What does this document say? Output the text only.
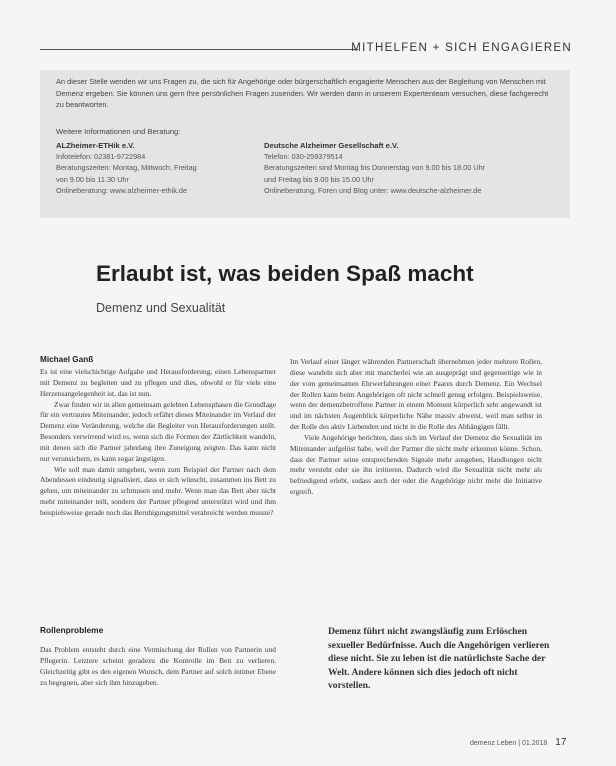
MITHELFEN + SICH ENGAGIEREN
An dieser Stelle wenden wir uns Fragen zu, die sich für Angehörige oder bürgerschaftlich engagierte Menschen aus der Begleitung von Menschen mit Demenz ergeben. Sie können uns gern Ihre persönlichen Fragen zusenden. Wir werden dann in unserem Expertenteam versuchen, diese fachgerecht zu beantworten.
Weitere Informationen und Beratung:
ALZheimer-ETHik e.V.
Infotelefon: 02381-9722984
Beratungszeiten: Montag, Mittwoch, Freitag
von 9.00 bis 11.30 Uhr
Onlineberatung: www.alzheimer-ethik.de
Deutsche Alzheimer Gesellschaft e.V.
Telefon: 030-259379514
Beratungszeiten sind Montag bis Donnerstag von 9.00 bis 18.00 Uhr
und Freitag bis 9.00 bis 15.00 Uhr
Onlineberatung, Foren und Blog unter: www.deutsche-alzheimer.de
Erlaubt ist, was beiden Spaß macht
Demenz und Sexualität
Michael Ganß

Es ist eine vielschichtige Aufgabe und Herausforderung, einen Lebenspartner mit Demenz zu begleiten und zu pflegen und dies, obwohl er für viele eine Herzensangelegenheit ist, das ist nun.

Zwar finden wir in allen gemeinsam gelebten Lebensphasen die Grundlage für ein vertrautes Miteinander, jedoch erfährt dieses Miteinander im Verlauf der Demenz eine Veränderung, welche die Begleiter von Herausforderungen stellt. Besonders verwirrend wird es, wenn sich die Formen der Zärtlichkeit wandeln, mit denen sich die Partner jahrelang ihre Zuneigung zeigten. Das kann nicht nur verunsichern, es kann sogar ängstigen.

Wie soll man damit umgehen, wenn zum Beispiel der Partner nach dem Abendessen eindeutig signalisiert, dass er sich wünscht, zusammen ins Bett zu gehen, um miteinander zu schmusen und mehr. Wenn man das Bett aber nicht mehr miteinander teilt, sondern der Partner pflegend unterstützt wird und ihm beispielsweise gerade noch das Beruhigungsmittel verabreicht werden musste?

Im Verlauf einer länger währenden Partnerschaft übernehmen jeder mehrere Rollen, diese wandeln sich aber mit mancherlei wie an ausgeprägt und gegenseitige wie in der vom gemeinsamen Ehrwerfahrungen einer Paares durch Demenz. Ein Wechsel der Rollen kann beim Angehörigen oft nicht schnell genug erfolgen. Beispielsweise, wenn der demenzbetroffene Partner in einem Moment körperlich sehr angewandt ist und im nächsten Augenblick körperliche Nähe massiv abweist, weil man selbst in der Rolle des aktiv Liebenden und nicht in die Rolle des Abhängigen fällt.

Viele Angehörige berichten, dass sich im Verlauf der Demenz die Sexualität im Miteinander aufgelöst habe, weil der Partner die nicht mehr erkennen könne. Schon, dass der Partner seine entsprechenden Signale mehr ausgehen, Handlungen nicht mehr versteht oder sie ihn irritieren. Dadurch wird die Sexualität nicht mehr als befriedigend erlebt, sodass auch der oder die Angehörige nicht mehr die Initiative ergreift.

Rollenprobleme

Das Problem entsteht durch eine Vermischung der Rollen von Partnerin und Pflegerin. Letztere scheint geradezu die Kontrolle im Bett zu verlieren. Gleichzeitig gibt es den eigenen Wunsch, dem Partner auf solch intimer Ebene zu begegnen, aber sich ihm hinzugeben.

Demenz führt nicht zwangsläufig zum Erlöschen sexueller Bedürfnisse. Auch die Angehörigen verlieren diese nicht. Sie zu leben ist die natürlichste Sache der Welt. Andere können sich dies jedoch oft nicht vorstellen.
demenz Leben | 01.2018 17
